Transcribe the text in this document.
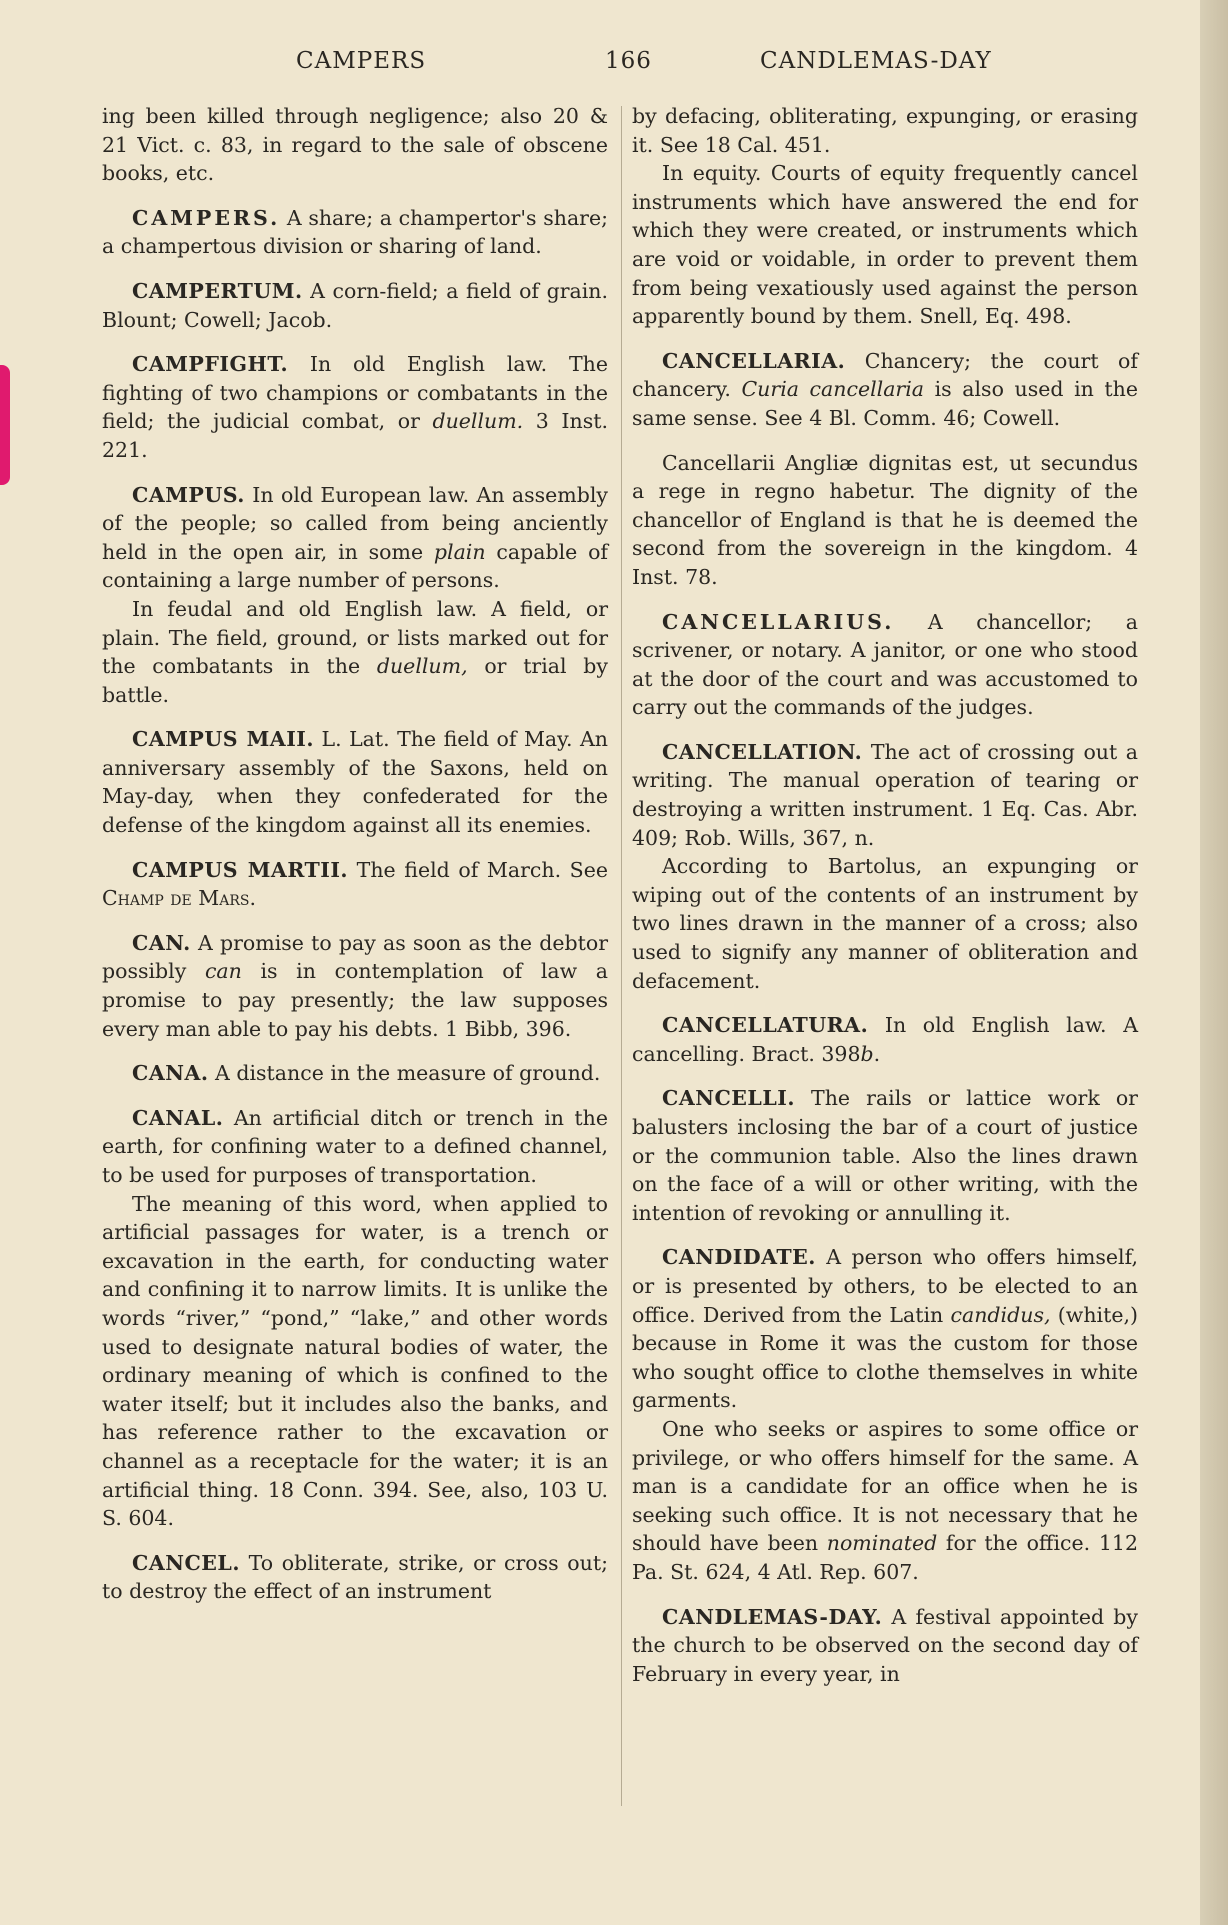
CAMPERS	166	CANDLEMAS-DAY

ing been killed through negligence; also 20 & 21 Vict. c. 83, in regard to the sale of obscene books, etc.

CAMPERS. A share; a champertor's share; a champertous division or sharing of land.

CAMPERTUM. A corn-field; a field of grain. Blount; Cowell; Jacob.

CAMPFIGHT. In old English law. The fighting of two champions or combatants in the field; the judicial combat, or duellum. 3 Inst. 221.

CAMPUS. In old European law. An assembly of the people; so called from being anciently held in the open air, in some plain capable of containing a large number of persons.

In feudal and old English law. A field, or plain. The field, ground, or lists marked out for the combatants in the duellum, or trial by battle.

CAMPUS MAII. L. Lat. The field of May. An anniversary assembly of the Saxons, held on May-day, when they confederated for the defense of the kingdom against all its enemies.

CAMPUS MARTII. The field of March. See Champ de Mars.

CAN. A promise to pay as soon as the debtor possibly can is in contemplation of law a promise to pay presently; the law supposes every man able to pay his debts. 1 Bibb, 396.

CANA. A distance in the measure of ground.

CANAL. An artificial ditch or trench in the earth, for confining water to a defined channel, to be used for purposes of transportation.

The meaning of this word, when applied to artificial passages for water, is a trench or excavation in the earth, for conducting water and confining it to narrow limits. It is unlike the words “river,” “pond,” “lake,” and other words used to designate natural bodies of water, the ordinary meaning of which is confined to the water itself; but it includes also the banks, and has reference rather to the excavation or channel as a receptacle for the water; it is an artificial thing. 18 Conn. 394. See, also, 103 U. S. 604.

CANCEL. To obliterate, strike, or cross out; to destroy the effect of an instrument

by defacing, obliterating, expunging, or erasing it. See 18 Cal. 451.

In equity. Courts of equity frequently cancel instruments which have answered the end for which they were created, or instruments which are void or voidable, in order to prevent them from being vexatiously used against the person apparently bound by them. Snell, Eq. 498.

CANCELLARIA. Chancery; the court of chancery. Curia cancellaria is also used in the same sense. See 4 Bl. Comm. 46; Cowell.

Cancellarii Angliæ dignitas est, ut secundus a rege in regno habetur. The dignity of the chancellor of England is that he is deemed the second from the sovereign in the kingdom. 4 Inst. 78.

CANCELLARIUS. A chancellor; a scrivener, or notary. A janitor, or one who stood at the door of the court and was accustomed to carry out the commands of the judges.

CANCELLATION. The act of crossing out a writing. The manual operation of tearing or destroying a written instrument. 1 Eq. Cas. Abr. 409; Rob. Wills, 367, n.

According to Bartolus, an expunging or wiping out of the contents of an instrument by two lines drawn in the manner of a cross; also used to signify any manner of obliteration and defacement.

CANCELLATURA. In old English law. A cancelling. Bract. 398b.

CANCELLI. The rails or lattice work or balusters inclosing the bar of a court of justice or the communion table. Also the lines drawn on the face of a will or other writing, with the intention of revoking or annulling it.

CANDIDATE. A person who offers himself, or is presented by others, to be elected to an office. Derived from the Latin candidus, (white,) because in Rome it was the custom for those who sought office to clothe themselves in white garments.

One who seeks or aspires to some office or privilege, or who offers himself for the same. A man is a candidate for an office when he is seeking such office. It is not necessary that he should have been nominated for the office. 112 Pa. St. 624, 4 Atl. Rep. 607.

CANDLEMAS-DAY. A festival appointed by the church to be observed on the second day of February in every year, in
